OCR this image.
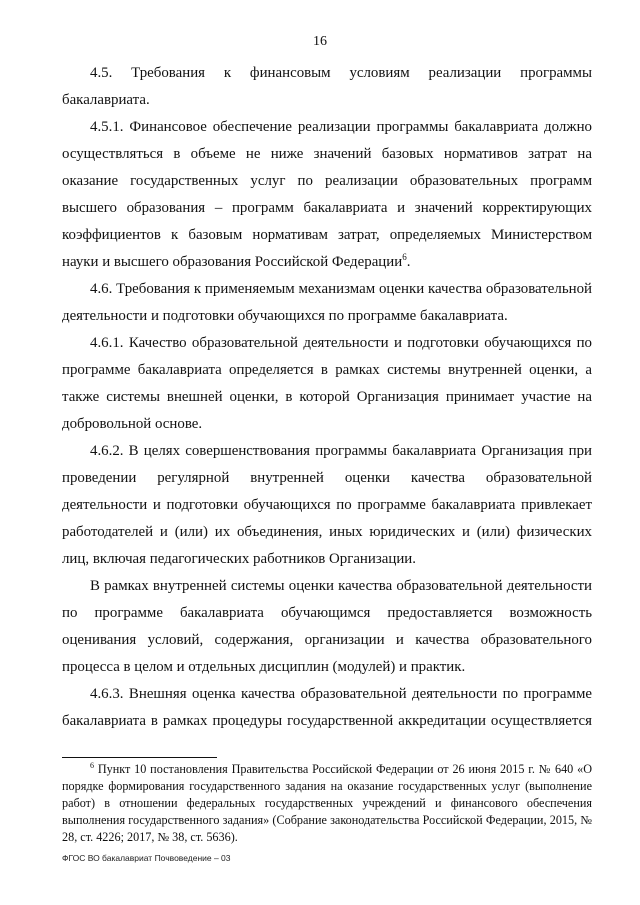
16

4.5. Требования к финансовым условиям реализации программы бакалавриата.

4.5.1. Финансовое обеспечение реализации программы бакалавриата должно осуществляться в объеме не ниже значений базовых нормативов затрат на оказание государственных услуг по реализации образовательных программ высшего образования – программ бакалавриата и значений корректирующих коэффициентов к базовым нормативам затрат, определяемых Министерством науки и высшего образования Российской Федерации$^6$.

4.6. Требования к применяемым механизмам оценки качества образовательной деятельности и подготовки обучающихся по программе бакалавриата.

4.6.1. Качество образовательной деятельности и подготовки обучающихся по программе бакалавриата определяется в рамках системы внутренней оценки, а также системы внешней оценки, в которой Организация принимает участие на добровольной основе.

4.6.2. В целях совершенствования программы бакалавриата Организация при проведении регулярной внутренней оценки качества образовательной деятельности и подготовки обучающихся по программе бакалавриата привлекает работодателей и (или) их объединения, иных юридических и (или) физических лиц, включая педагогических работников Организации.

В рамках внутренней системы оценки качества образовательной деятельности по программе бакалавриата обучающимся предоставляется возможность оценивания условий, содержания, организации и качества образовательного процесса в целом и отдельных дисциплин (модулей) и практик.

4.6.3. Внешняя оценка качества образовательной деятельности по программе бакалавриата в рамках процедуры государственной аккредитации осуществляется

$^6$ Пункт 10 постановления Правительства Российской Федерации от 26 июня 2015 г. № 640 «О порядке формирования государственного задания на оказание государственных услуг (выполнение работ) в отношении федеральных государственных учреждений и финансового обеспечения выполнения государственного задания» (Собрание законодательства Российской Федерации, 2015, № 28, ст. 4226; 2017, № 38, ст. 5636).

ФГОС ВО бакалавриат Почвоведение – 03
